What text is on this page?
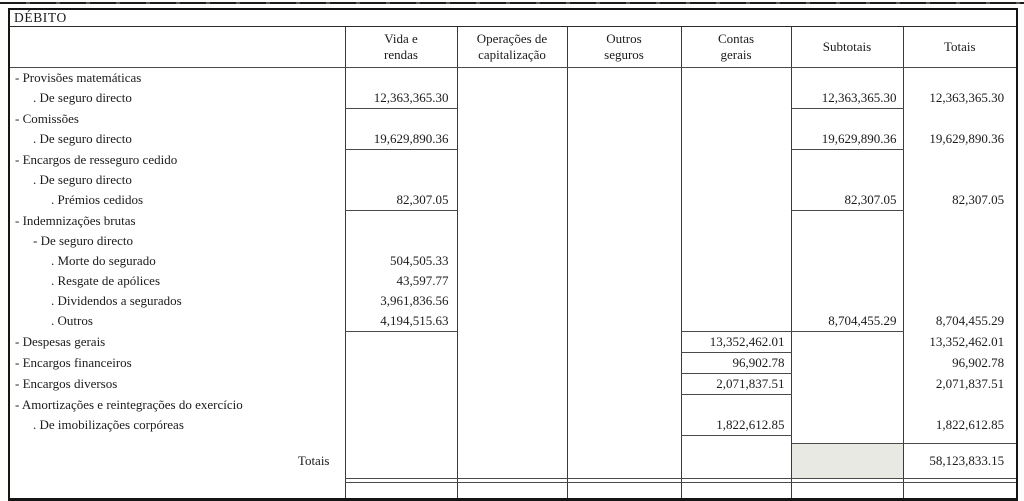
DÉBITO						
	Vida e rendas	Operações de capitalização	Outros seguros	Contas gerais	Subtotais	Totais
- Provisões matemáticas						
. De seguro directo	12,363,365.30				12,363,365.30	12,363,365.30
- Comissões						
. De seguro directo	19,629,890.36				19,629,890.36	19,629,890.36
- Encargos de resseguro cedido						
. De seguro directo						
. Prémios cedidos	82,307.05				82,307.05	82,307.05
- Indemnizações brutas						
- De seguro directo						
. Morte do segurado	504,505.33					
. Resgate de apólices	43,597.77					
. Dividendos a segurados	3,961,836.56					
. Outros	4,194,515.63				8,704,455.29	8,704,455.29
- Despesas gerais				13,352,462.01		13,352,462.01
- Encargos financeiros				96,902.78		96,902.78
- Encargos diversos				2,071,837.51		2,071,837.51
- Amortizações e reintegrações do exercício						
. De imobilizações corpóreas				1,822,612.85		1,822,612.85

Totais						58,123,833.15
